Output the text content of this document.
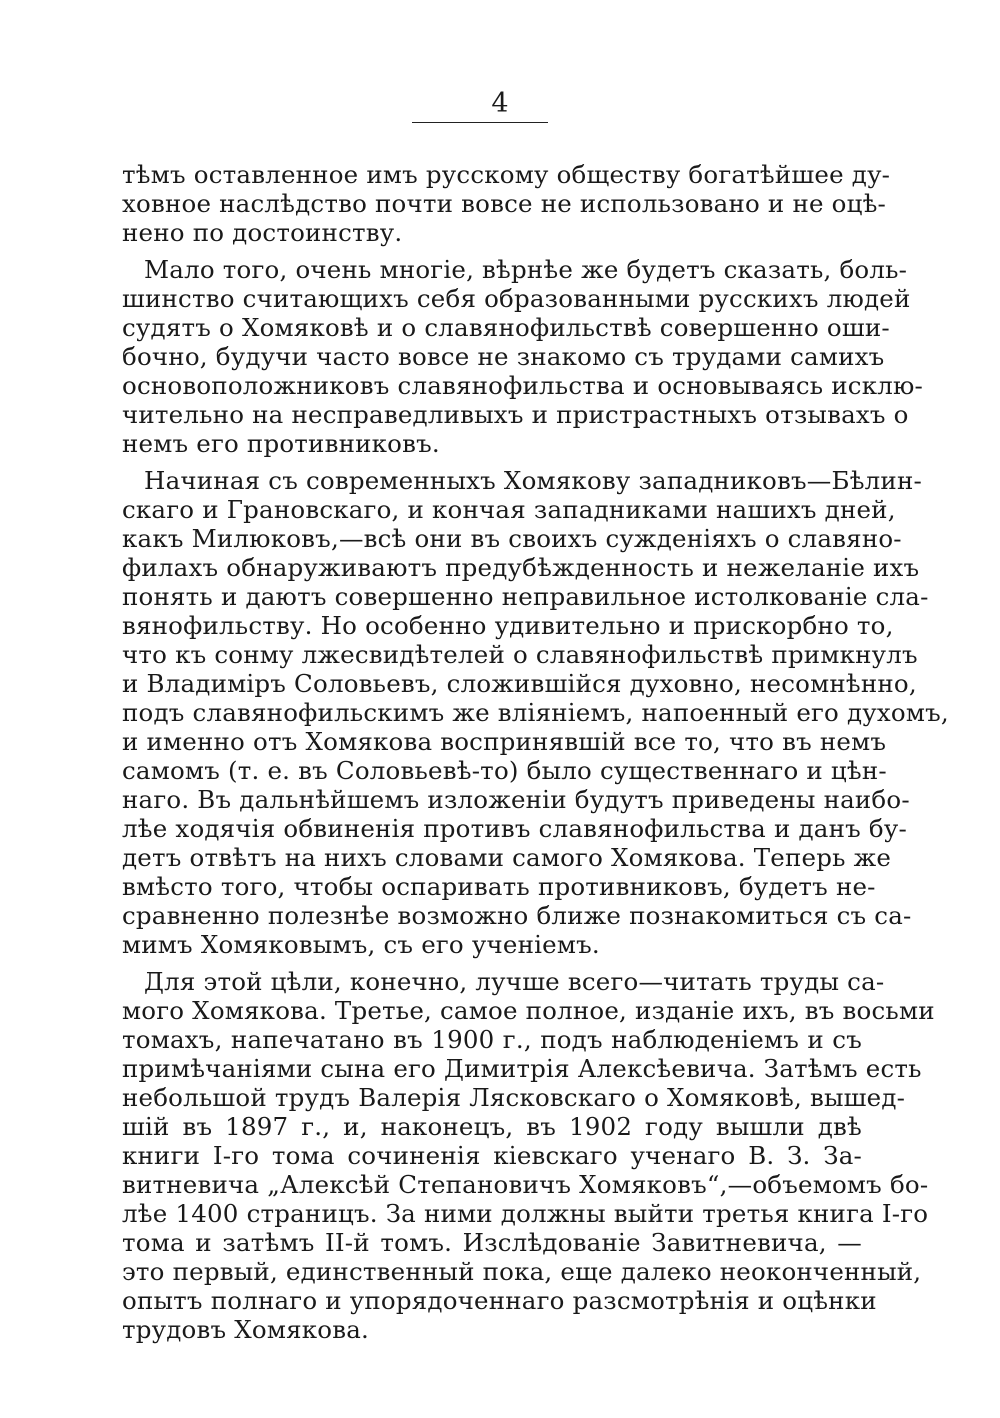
4
тѣмъ оставленное имъ русскому обществу богатѣйшее ду-
ховное наслѣдство почти вовсе не использовано и не оцѣ-
нено по достоинству.
Мало того, очень многіе, вѣрнѣе же будетъ сказать, боль-
шинство считающихъ себя образованными русскихъ людей
судятъ о Хомяковѣ и о славянофильствѣ совершенно оши-
бочно, будучи часто вовсе не знакомо съ трудами самихъ
основоположниковъ славянофильства и основываясь исклю-
чительно на несправедливыхъ и пристрастныхъ отзывахъ о
немъ его противниковъ.
Начиная съ современныхъ Хомякову западниковъ—Бѣлин-
скаго и Грановскаго, и кончая западниками нашихъ дней,
какъ Милюковъ,—всѣ они въ своихъ сужденіяхъ о славяно-
филахъ обнаруживаютъ предубѣжденность и нежеланіе ихъ
понять и даютъ совершенно неправильное истолкованіе сла-
вянофильству. Но особенно удивительно и прискорбно то,
что къ сонму лжесвидѣтелей о славянофильствѣ примкнулъ
и Владиміръ Соловьевъ, сложившійся духовно, несомнѣнно,
подъ славянофильскимъ же вліяніемъ, напоенный его духомъ,
и именно отъ Хомякова воспринявшій все то, что въ немъ
самомъ (т. е. въ Соловьевѣ-то) было существеннаго и цѣн-
наго. Въ дальнѣйшемъ изложеніи будутъ приведены наибо-
лѣе ходячія обвиненія противъ славянофильства и данъ бу-
детъ отвѣтъ на нихъ словами самого Хомякова. Теперь же
вмѣсто того, чтобы оспаривать противниковъ, будетъ не-
сравненно полезнѣе возможно ближе познакомиться съ са-
мимъ Хомяковымъ, съ его ученіемъ.
Для этой цѣли, конечно, лучше всего—читать труды са-
мого Хомякова. Третье, самое полное, изданіе ихъ, въ восьми
томахъ, напечатано въ 1900 г., подъ наблюденіемъ и съ
примѣчаніями сына его Димитрія Алексѣевича. Затѣмъ есть
небольшой трудъ Валерія Лясковскаго о Хомяковѣ, вышед-
шій въ 1897 г., и, наконецъ, въ 1902 году вышли двѣ
книги I-го тома сочиненія кіевскаго ученаго В. З. За-
витневича „Алексѣй Степановичъ Хомяковъ“,—объемомъ бо-
лѣе 1400 страницъ. За ними должны выйти третья книга I-го
тома и затѣмъ II-й томъ. Изслѣдованіе Завитневича, —
это первый, единственный пока, еще далеко неоконченный,
опытъ полнаго и упорядоченнаго разсмотрѣнія и оцѣнки
трудовъ Хомякова.
